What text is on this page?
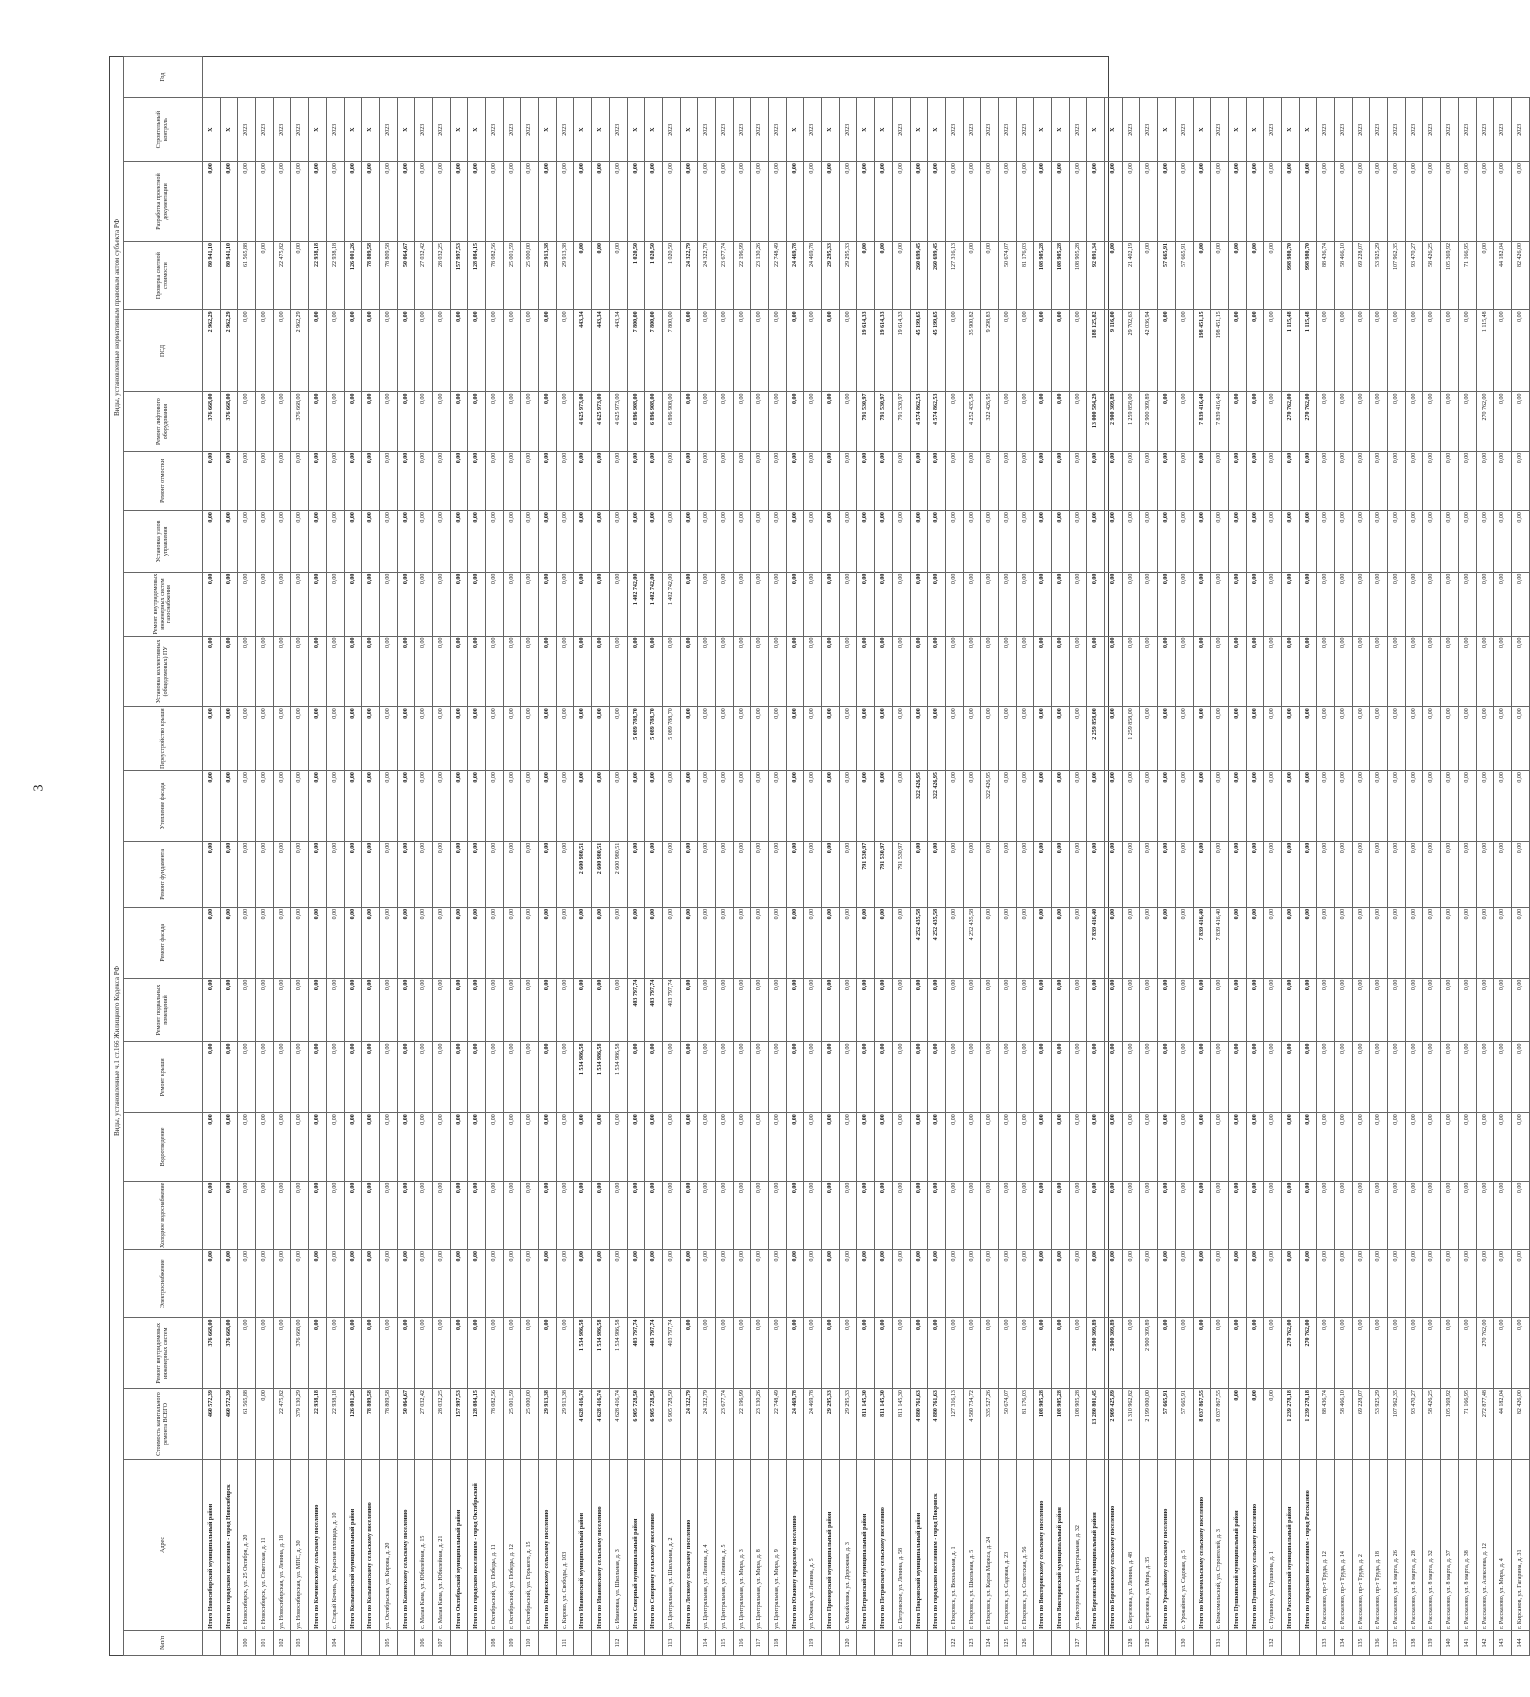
3
Виды, установленные ч.1 ст.166 Жилищного Кодекса РФ
Виды, установленные нормативным правовым актом субъекта РФ
№п/п	Адрес	Стоимость капитального ремонта ВСЕГО	Ремонт внутридомовых инженерных систем	Электроснабжение	Холодное водоснабжение	Водоотведение	Ремонт крыши	Ремонт подвальных помещений	Ремонт фасада	Ремонт фундамента	Утепление фасада	Переустройство крыши	Установка коллективных (общедомовых) ПУ	Ремонт внутридомовых инженерных систем газоснабжения	Установка узлов управления	Ремонт отмостки	Ремонт лифтового оборудования	ПСД	Проверка сметной стоимости	Разработка проектной документации	Строительный контроль	Год
	Итого Новосибирский муниципальный район	460 572,39	376 668,00	0,00	0,00	0,00	0,00	0,00	0,00	0,00	0,00	0,00	0,00	0,00	0,00	0,00	376 668,00	2 962,29	80 941,10	0,00	X	
	Итого по городским поселениям - город Новосибирск	460 572,39	376 668,00	0,00	0,00	0,00	0,00	0,00	0,00	0,00	0,00	0,00	0,00	0,00	0,00	0,00	376 668,00	2 962,29	80 941,10	0,00	X	
100	г. Новосибирск, ул. 25 Октября, д. 20	61 565,88	0,00	0,00	0,00	0,00	0,00	0,00	0,00	0,00	0,00	0,00	0,00	0,00	0,00	0,00	0,00	0,00	61 565,88	0,00	2023	
101	г. Новосибирск, ул. Советская, д. 11	0,00	0,00	0,00	0,00	0,00	0,00	0,00	0,00	0,00	0,00	0,00	0,00	0,00	0,00	0,00	0,00	0,00	0,00	0,00	2023	
102	ул. Новосибирская, ул. Ленина, д. 18	22 475,82	0,00	0,00	0,00	0,00	0,00	0,00	0,00	0,00	0,00	0,00	0,00	0,00	0,00	0,00	0,00	0,00	22 475,82	0,00	2023	
103	ул. Новосибирская, ул. МПС, д. 30	379 130,29	376 668,00	0,00	0,00	0,00	0,00	0,00	0,00	0,00	0,00	0,00	0,00	0,00	0,00	0,00	376 668,00	2 962,29	0,00	0,00	2023	
	Итого по Коченевскому сельскому поселению	22 938,18	0,00	0,00	0,00	0,00	0,00	0,00	0,00	0,00	0,00	0,00	0,00	0,00	0,00	0,00	0,00	0,00	22 938,18	0,00	X	
104	с. Старый Кочень, ул. Красная площадь, д. 10	22 938,18	0,00	0,00	0,00	0,00	0,00	0,00	0,00	0,00	0,00	0,00	0,00	0,00	0,00	0,00	0,00	0,00	22 938,18	0,00	2023	
	Итого Колыванский муниципальный район	126 001,26	0,00	0,00	0,00	0,00	0,00	0,00	0,00	0,00	0,00	0,00	0,00	0,00	0,00	0,00	0,00	0,00	126 001,26	0,00	X	
	Итого по Колыванскому сельскому поселению	78 809,58	0,00	0,00	0,00	0,00	0,00	0,00	0,00	0,00	0,00	0,00	0,00	0,00	0,00	0,00	0,00	0,00	78 809,58	0,00	X	
105	ул. Октябрьская, ул. Кирова, д. 20	78 809,58	0,00	0,00	0,00	0,00	0,00	0,00	0,00	0,00	0,00	0,00	0,00	0,00	0,00	0,00	0,00	0,00	78 809,58	0,00	2023	
	Итого по Каменскому сельскому поселению	50 064,67	0,00	0,00	0,00	0,00	0,00	0,00	0,00	0,00	0,00	0,00	0,00	0,00	0,00	0,00	0,00	0,00	50 064,67	0,00	X	
106	с. Малая Кама, ул. Юбилейная, д. 15	27 032,42	0,00	0,00	0,00	0,00	0,00	0,00	0,00	0,00	0,00	0,00	0,00	0,00	0,00	0,00	0,00	0,00	27 032,42	0,00	2023	
107	с. Малая Кама, ул. Юбилейная, д. 21	28 032,25	0,00	0,00	0,00	0,00	0,00	0,00	0,00	0,00	0,00	0,00	0,00	0,00	0,00	0,00	0,00	0,00	28 032,25	0,00	2023	
	Итого Октябрьский муниципальный район	157 997,53	0,00	0,00	0,00	0,00	0,00	0,00	0,00	0,00	0,00	0,00	0,00	0,00	0,00	0,00	0,00	0,00	157 997,53	0,00	X	
	Итого по городским поселениям - город Октябрьский	128 084,15	0,00	0,00	0,00	0,00	0,00	0,00	0,00	0,00	0,00	0,00	0,00	0,00	0,00	0,00	0,00	0,00	128 084,15	0,00	X	
108	г. Октябрьский, ул. Победы, д. 11	78 082,56	0,00	0,00	0,00	0,00	0,00	0,00	0,00	0,00	0,00	0,00	0,00	0,00	0,00	0,00	0,00	0,00	78 082,56	0,00	2023	
109	г. Октябрьский, ул. Победы, д. 12	25 001,59	0,00	0,00	0,00	0,00	0,00	0,00	0,00	0,00	0,00	0,00	0,00	0,00	0,00	0,00	0,00	0,00	25 001,59	0,00	2023	
110	г. Октябрьский, ул. Горького, д. 15	25 000,00	0,00	0,00	0,00	0,00	0,00	0,00	0,00	0,00	0,00	0,00	0,00	0,00	0,00	0,00	0,00	0,00	25 000,00	0,00	2023	
	Итого по Кировскому сельскому поселению	29 913,38	0,00	0,00	0,00	0,00	0,00	0,00	0,00	0,00	0,00	0,00	0,00	0,00	0,00	0,00	0,00	0,00	29 913,38	0,00	X	
111	с. Кирово, ул. Свободы, д. 103	29 913,38	0,00	0,00	0,00	0,00	0,00	0,00	0,00	0,00	0,00	0,00	0,00	0,00	0,00	0,00	0,00	0,00	29 913,38	0,00	2023	
	Итого Ивановский муниципальный район	4 628 416,74	1 534 986,58	0,00	0,00	0,00	1 534 986,58	0,00	0,00	2 600 980,51	0,00	0,00	0,00	0,00	0,00	0,00	4 625 973,00	443,34	0,00	0,00	X	
	Итого по Ивановскому сельскому поселению	4 628 416,74	1 534 986,58	0,00	0,00	0,00	1 534 986,58	0,00	0,00	2 600 980,51	0,00	0,00	0,00	0,00	0,00	0,00	4 625 973,00	443,34	0,00	0,00	X	
112	с. Ивановка, ул. Школьная, д. 3	4 628 416,74	1 534 986,58	0,00	0,00	0,00	1 534 986,58	0,00	0,00	2 600 980,51	0,00	0,00	0,00	0,00	0,00	0,00	4 625 973,00	443,34	0,00	0,00	2023	
	Итого Северный муниципальный район	6 905 728,50	403 797,74	0,00	0,00	0,00	0,00	403 797,74	0,00	0,00	0,00	5 089 788,70	0,00	1 402 742,00	0,00	0,00	6 896 908,00	7 800,00	1 020,50	0,00	X	
	Итого по Северному сельскому поселению	6 905 728,50	403 797,74	0,00	0,00	0,00	0,00	403 797,74	0,00	0,00	0,00	5 089 788,70	0,00	1 402 742,00	0,00	0,00	6 896 908,00	7 800,00	1 020,50	0,00	X	
113	ул. Центральная, ул. Школьная, д. 2	6 905 728,50	403 797,74	0,00	0,00	0,00	0,00	403 797,74	0,00	0,00	0,00	5 089 788,70	0,00	1 402 742,00	0,00	0,00	6 896 908,00	7 800,00	1 020,50	0,00	2023	
	Итого по Лесному сельскому поселению	24 322,79	0,00	0,00	0,00	0,00	0,00	0,00	0,00	0,00	0,00	0,00	0,00	0,00	0,00	0,00	0,00	0,00	24 322,79	0,00	X	
114	ул. Центральная, ул. Ленина, д. 4	24 322,79	0,00	0,00	0,00	0,00	0,00	0,00	0,00	0,00	0,00	0,00	0,00	0,00	0,00	0,00	0,00	0,00	24 322,79	0,00	2023	
115	ул. Центральная, ул. Ленина, д. 5	23 677,74	0,00	0,00	0,00	0,00	0,00	0,00	0,00	0,00	0,00	0,00	0,00	0,00	0,00	0,00	0,00	0,00	23 677,74	0,00	2023	
116	ул. Центральная, ул. Мира, д. 3	22 196,99	0,00	0,00	0,00	0,00	0,00	0,00	0,00	0,00	0,00	0,00	0,00	0,00	0,00	0,00	0,00	0,00	22 196,99	0,00	2023	
117	ул. Центральная, ул. Мира, д. 8	23 130,26	0,00	0,00	0,00	0,00	0,00	0,00	0,00	0,00	0,00	0,00	0,00	0,00	0,00	0,00	0,00	0,00	23 130,26	0,00	2023	
118	ул. Центральная, ул. Мира, д. 9	22 748,49	0,00	0,00	0,00	0,00	0,00	0,00	0,00	0,00	0,00	0,00	0,00	0,00	0,00	0,00	0,00	0,00	22 748,49	0,00	2023	
	Итого по Южному городскому поселению	24 469,78	0,00	0,00	0,00	0,00	0,00	0,00	0,00	0,00	0,00	0,00	0,00	0,00	0,00	0,00	0,00	0,00	24 469,78	0,00	X	
119	ул. Южная, ул. Ленина, д. 5	24 469,78	0,00	0,00	0,00	0,00	0,00	0,00	0,00	0,00	0,00	0,00	0,00	0,00	0,00	0,00	0,00	0,00	24 469,78	0,00	2023	
	Итого Приморский муниципальный район	29 295,33	0,00	0,00	0,00	0,00	0,00	0,00	0,00	0,00	0,00	0,00	0,00	0,00	0,00	0,00	0,00	0,00	29 295,33	0,00	X	
120	с. Михайловка, ул. Дорожная, д. 3	29 295,33	0,00	0,00	0,00	0,00	0,00	0,00	0,00	0,00	0,00	0,00	0,00	0,00	0,00	0,00	0,00	0,00	29 295,33	0,00	2023	
	Итого Петровский муниципальный район	811 145,30	0,00	0,00	0,00	0,00	0,00	0,00	0,00	791 530,97	0,00	0,00	0,00	0,00	0,00	0,00	791 530,97	19 614,33	0,00	0,00	X	
	Итого по Петровскому сельскому поселению	811 145,30	0,00	0,00	0,00	0,00	0,00	0,00	0,00	791 530,97	0,00	0,00	0,00	0,00	0,00	0,00	791 530,97	19 614,33	0,00	0,00	X	
121	с. Петровское, ул. Ленина, д. 58	811 145,30	0,00	0,00	0,00	0,00	0,00	0,00	0,00	791 530,97	0,00	0,00	0,00	0,00	0,00	0,00	791 530,97	19 614,33	0,00	0,00	2023	
	Итого Покровский муниципальный район	4 880 761,63	0,00	0,00	0,00	0,00	0,00	0,00	4 252 435,58	0,00	322 426,95	0,00	0,00	0,00	0,00	0,00	4 574 862,53	45 199,65	260 699,45	0,00	X	
	Итого по городским поселениям - город Покровск	4 880 761,63	0,00	0,00	0,00	0,00	0,00	0,00	4 252 435,58	0,00	322 426,95	0,00	0,00	0,00	0,00	0,00	4 574 862,53	45 199,65	260 699,45	0,00	X	
122	г. Покровск, ул. Вокзальная, д. 1	127 316,13	0,00	0,00	0,00	0,00	0,00	0,00	0,00	0,00	0,00	0,00	0,00	0,00	0,00	0,00	0,00	0,00	127 316,13	0,00	2023	
123	г. Покровск, ул. Школьная, д. 5	4 580 734,72	0,00	0,00	0,00	0,00	0,00	0,00	4 252 435,58	0,00	0,00	0,00	0,00	0,00	0,00	0,00	4 252 435,58	35 900,82	0,00	0,00	2023	
124	г. Покровск, ул. Карла Маркса, д. 24	335 527,26	0,00	0,00	0,00	0,00	0,00	0,00	0,00	0,00	322 426,95	0,00	0,00	0,00	0,00	0,00	322 426,95	9 298,83	0,00	0,00	2023	
125	г. Покровск, ул. Садовая, д. 23	50 674,07	0,00	0,00	0,00	0,00	0,00	0,00	0,00	0,00	0,00	0,00	0,00	0,00	0,00	0,00	0,00	0,00	50 674,07	0,00	2023	
126	г. Покровск, ул. Советская, д. 56	81 176,03	0,00	0,00	0,00	0,00	0,00	0,00	0,00	0,00	0,00	0,00	0,00	0,00	0,00	0,00	0,00	0,00	81 176,03	0,00	2023	
	Итого по Викторовскому сельскому поселению	108 905,28	0,00	0,00	0,00	0,00	0,00	0,00	0,00	0,00	0,00	0,00	0,00	0,00	0,00	0,00	0,00	0,00	108 905,28	0,00	X	
	Итого Викторовский муниципальный район	108 905,28	0,00	0,00	0,00	0,00	0,00	0,00	0,00	0,00	0,00	0,00	0,00	0,00	0,00	0,00	0,00	0,00	108 905,28	0,00	X	
127	ул. Викторовская, ул. Центральная, д. 32	108 905,28	0,00	0,00	0,00	0,00	0,00	0,00	0,00	0,00	0,00	0,00	0,00	0,00	0,00	0,00	0,00	0,00	108 905,28	0,00	2023	
	Итого Березовский муниципальный район	13 280 801,45	2 900 309,89	0,00	0,00	0,00	0,00	0,00	7 839 416,40	0,00	0,00	2 259 858,00	0,00	0,00	0,00	0,00	13 000 584,29	188 125,82	92 091,34	0,00	X	
	Итого по Березовскому сельскому поселению	2 909 425,89	2 900 309,89	0,00	0,00	0,00	0,00	0,00	0,00	0,00	0,00	0,00	0,00	0,00	0,00	0,00	2 900 309,89	9 116,00	0,00	0,00	X	
128	с. Березовка, ул. Ленина, д. 48	1 310 962,82	0,00	0,00	0,00	0,00	0,00	0,00	0,00	0,00	0,00	1 259 858,00	0,00	0,00	0,00	0,00	1 259 858,00	29 702,63	21 402,19	0,00	2023	
129	с. Березовка, ул. Мира, д. 35	2 199 000,00	2 900 309,89	0,00	0,00	0,00	0,00	0,00	0,00	0,00	0,00	0,00	0,00	0,00	0,00	0,00	2 900 309,89	42 036,94	0,00	0,00	2023	
	Итого по Урожайному сельскому поселению	57 665,91	0,00	0,00	0,00	0,00	0,00	0,00	0,00	0,00	0,00	0,00	0,00	0,00	0,00	0,00	0,00	0,00	57 665,91	0,00	X	
130	с. Урожайное, ул. Садовая, д. 5	57 665,91	0,00	0,00	0,00	0,00	0,00	0,00	0,00	0,00	0,00	0,00	0,00	0,00	0,00	0,00	0,00	0,00	57 665,91	0,00	2023	
	Итого по Комсомольскому сельскому поселению	8 037 867,55	0,00	0,00	0,00	0,00	0,00	0,00	7 839 416,40	0,00	0,00	0,00	0,00	0,00	0,00	0,00	7 839 416,40	198 451,15	0,00	0,00	X	
131	с. Комсомольский, ул. Строителей, д. 3	8 037 867,55	0,00	0,00	0,00	0,00	0,00	0,00	7 839 416,40	0,00	0,00	0,00	0,00	0,00	0,00	0,00	7 839 416,40	198 451,15	0,00	0,00	2023	
	Итого Пушкинский муниципальный район	0,00	0,00	0,00	0,00	0,00	0,00	0,00	0,00	0,00	0,00	0,00	0,00	0,00	0,00	0,00	0,00	0,00	0,00	0,00	X	
	Итого по Пушкинскому сельскому поселению	0,00	0,00	0,00	0,00	0,00	0,00	0,00	0,00	0,00	0,00	0,00	0,00	0,00	0,00	0,00	0,00	0,00	0,00	0,00	X	
132	с. Пушкино, ул. Пушкина, д. 1	0,00	0,00	0,00	0,00	0,00	0,00	0,00	0,00	0,00	0,00	0,00	0,00	0,00	0,00	0,00	0,00	0,00	0,00	0,00	2023	
	Итого Рассказовский муниципальный район	1 239 278,18	270 762,00	0,00	0,00	0,00	0,00	0,00	0,00	0,00	0,00	0,00	0,00	0,00	0,00	0,00	270 762,00	1 115,48	998 980,70	0,00	X	
	Итого по городским поселениям - город Рассказово	1 239 278,18	270 762,00	0,00	0,00	0,00	0,00	0,00	0,00	0,00	0,00	0,00	0,00	0,00	0,00	0,00	270 762,00	1 115,48	998 980,70	0,00	X	
133	г. Рассказово, пр-т Труда, д. 12	88 436,74	0,00	0,00	0,00	0,00	0,00	0,00	0,00	0,00	0,00	0,00	0,00	0,00	0,00	0,00	0,00	0,00	88 436,74	0,00	2023	
134	г. Рассказово, пр-т Труда, д. 14	58 466,10	0,00	0,00	0,00	0,00	0,00	0,00	0,00	0,00	0,00	0,00	0,00	0,00	0,00	0,00	0,00	0,00	58 466,10	0,00	2023	
135	г. Рассказово, пр-т Труда, д. 2	69 228,07	0,00	0,00	0,00	0,00	0,00	0,00	0,00	0,00	0,00	0,00	0,00	0,00	0,00	0,00	0,00	0,00	69 228,07	0,00	2023	
136	г. Рассказово, пр-т Труда, д. 18	53 925,29	0,00	0,00	0,00	0,00	0,00	0,00	0,00	0,00	0,00	0,00	0,00	0,00	0,00	0,00	0,00	0,00	53 925,29	0,00	2023	
137	г. Рассказово, ул. 8 марта, д. 26	107 962,35	0,00	0,00	0,00	0,00	0,00	0,00	0,00	0,00	0,00	0,00	0,00	0,00	0,00	0,00	0,00	0,00	107 962,35	0,00	2023	
138	г. Рассказово, ул. 8 марта, д. 28	93 470,27	0,00	0,00	0,00	0,00	0,00	0,00	0,00	0,00	0,00	0,00	0,00	0,00	0,00	0,00	0,00	0,00	93 470,27	0,00	2023	
139	г. Рассказово, ул. 8 марта, д. 32	58 426,25	0,00	0,00	0,00	0,00	0,00	0,00	0,00	0,00	0,00	0,00	0,00	0,00	0,00	0,00	0,00	0,00	58 426,25	0,00	2023	
140	г. Рассказово, ул. 8 марта, д. 37	105 369,92	0,00	0,00	0,00	0,00	0,00	0,00	0,00	0,00	0,00	0,00	0,00	0,00	0,00	0,00	0,00	0,00	105 369,92	0,00	2023	
141	г. Рассказово, ул. 8 марта, д. 38	71 166,95	0,00	0,00	0,00	0,00	0,00	0,00	0,00	0,00	0,00	0,00	0,00	0,00	0,00	0,00	0,00	0,00	71 166,95	0,00	2023	
142	г. Рассказово, ул. Алексеева, д. 12	272 877,48	270 762,00	0,00	0,00	0,00	0,00	0,00	0,00	0,00	0,00	0,00	0,00	0,00	0,00	0,00	270 762,00	1 115,48	0,00	0,00	2023	
143	г. Рассказово, ул. Мира, д. 4	44 182,04	0,00	0,00	0,00	0,00	0,00	0,00	0,00	0,00	0,00	0,00	0,00	0,00	0,00	0,00	0,00	0,00	44 182,04	0,00	2023	
144	г. Кирсанов, ул. Гагарина, д. 31	82 426,00	0,00	0,00	0,00	0,00	0,00	0,00	0,00	0,00	0,00	0,00	0,00	0,00	0,00	0,00	0,00	0,00	82 426,00	0,00	2023	
